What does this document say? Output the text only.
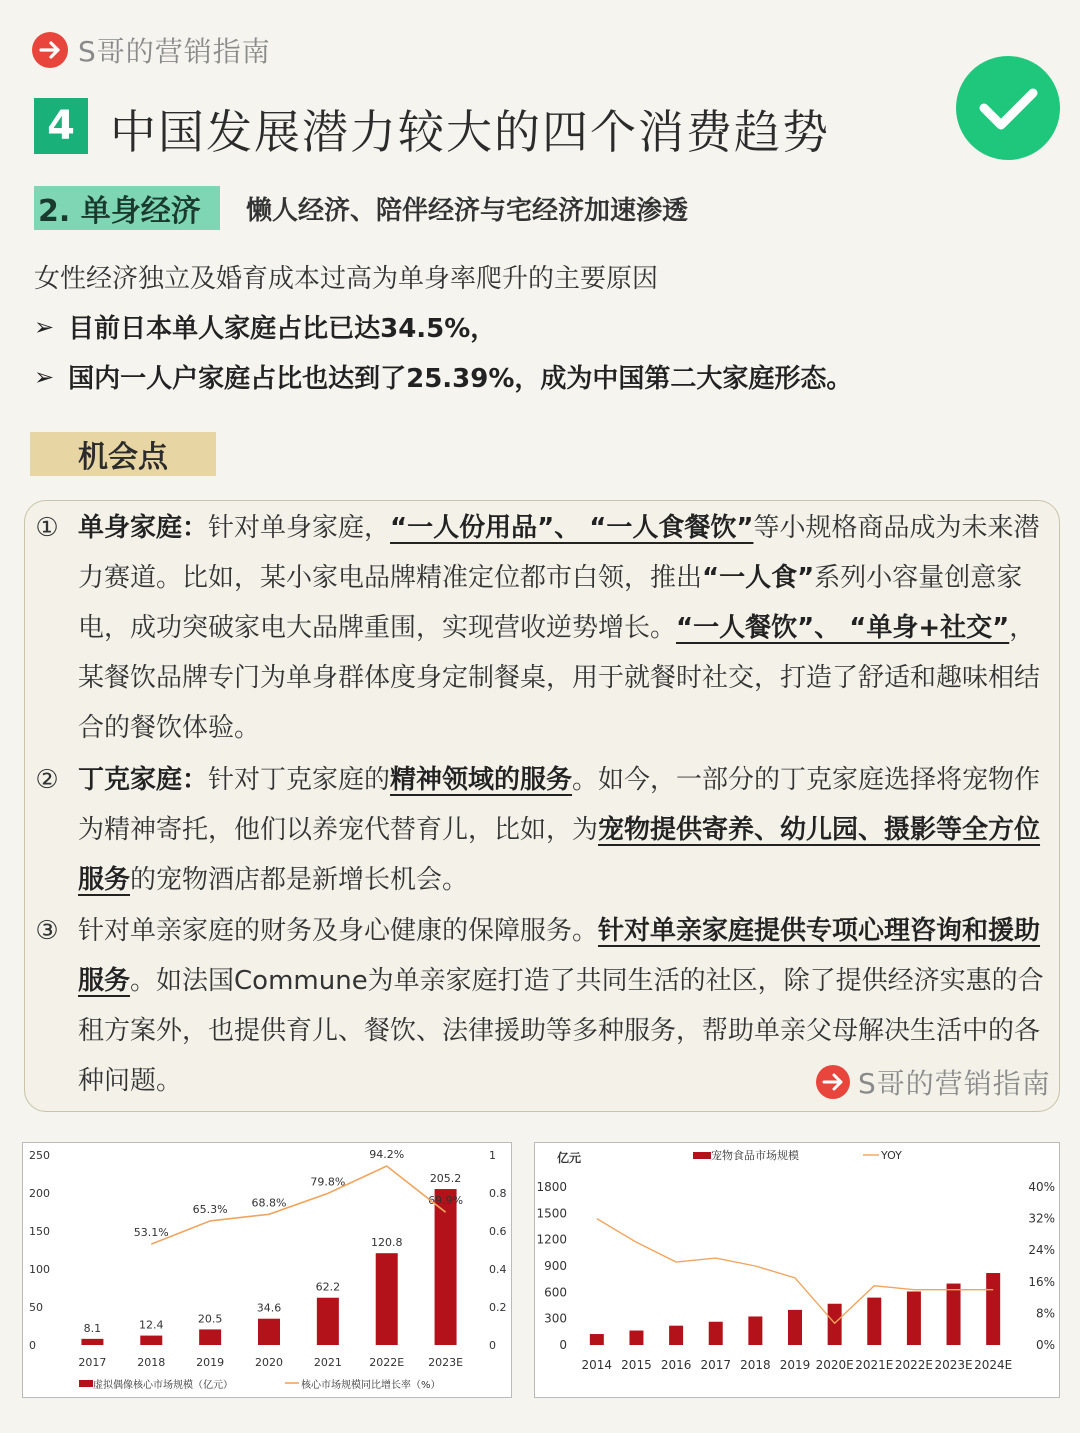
S哥的营销指南
4 中国发展潜力较大的四个消费趋势
2. 单身经济	懒人经济、陪伴经济与宅经济加速渗透
女性经济独立及婚育成本过高为单身率爬升的主要原因
➢ 目前日本单人家庭占比已达34.5%，
➢ 国内一人户家庭占比也达到了25.39%，成为中国第二大家庭形态。
机会点
① 单身家庭：针对单身家庭，“一人份用品”、 “一人食餐饮”等小规格商品成为未来潜力赛道。比如，某小家电品牌精准定位都市白领，推出“一人食”系列小容量创意家电，成功突破家电大品牌重围，实现营收逆势增长。“一人餐饮”、 “单身+社交”，某餐饮品牌专门为单身群体度身定制餐桌，用于就餐时社交，打造了舒适和趣味相结合的餐饮体验。
② 丁克家庭：针对丁克家庭的精神领域的服务。如今，一部分的丁克家庭选择将宠物作为精神寄托，他们以养宠代替育儿，比如，为宠物提供寄养、幼儿园、摄影等全方位服务的宠物酒店都是新增长机会。
③ 针对单亲家庭的财务及身心健康的保障服务。针对单亲家庭提供专项心理咨询和援助服务。如法国Commune为单亲家庭打造了共同生活的社区，除了提供经济实惠的合租方案外，也提供育儿、餐饮、法律援助等多种服务，帮助单亲父母解决生活中的各种问题。	S哥的营销指南
250
200
150
100
50
0
1
0.8
0.6
0.4
0.2
0
2017
8.1
2018
12.4
2019
20.5
2020
34.6
2021
62.2
2022E
120.8
2023E
205.2
53.1%
65.3%
68.8%
79.8%
94.2%
69.9%
虚拟偶像核心市场规模（亿元）	核心市场规模同比增长率（%）
亿元
1800
1500
1200
900
600
300
0
40%
32%
24%
16%
8%
0%
2014 2015 2016 2017 2018 2019 2020E 2021E 2022E 2023E 2024E
宠物食品市场规模	YOY
